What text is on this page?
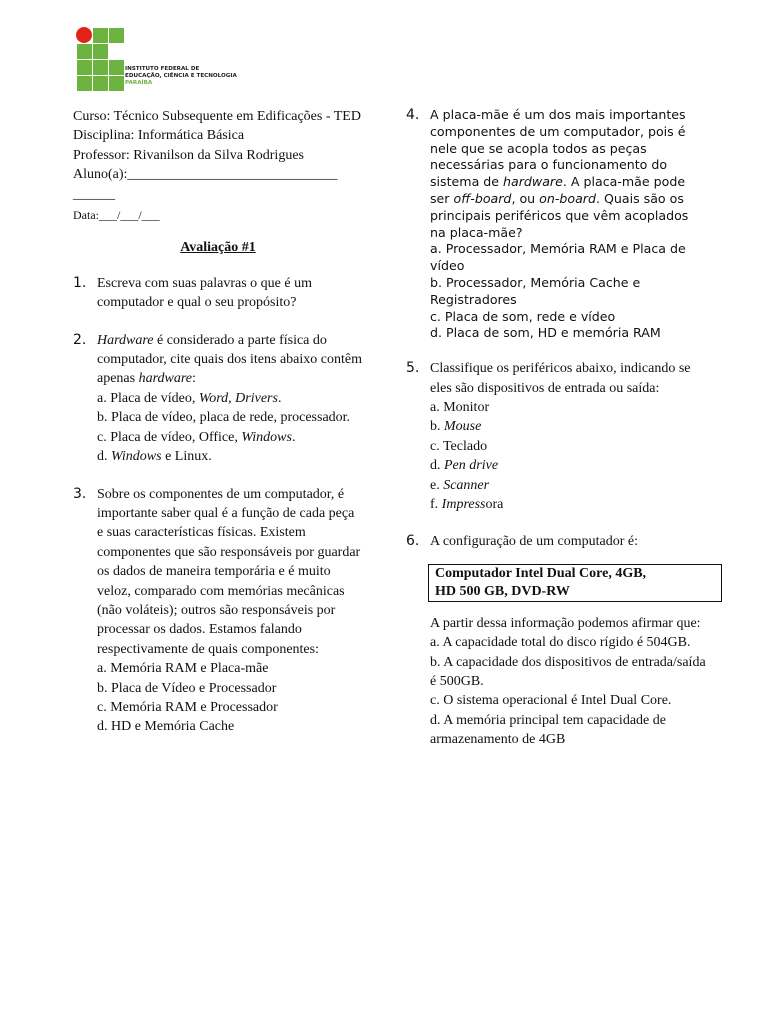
INSTITUTO FEDERAL DE
EDUCAÇÃO, CIÊNCIA E TECNOLOGIA
PARAÍBA
Curso: Técnico Subsequente em Edificações - TED
Disciplina: Informática Básica
Professor: Rivanilson da Silva Rodrigues
Aluno(a):______________________________
______
Data:___/___/___
Avaliação #1
1. Escreva com suas palavras o que é um computador e qual o seu propósito?
2. Hardware é considerado a parte física do computador, cite quais dos itens abaixo contêm apenas hardware:
a. Placa de vídeo, Word, Drivers.
b. Placa de vídeo, placa de rede, processador.
c. Placa de vídeo, Office, Windows.
d. Windows e Linux.
3. Sobre os componentes de um computador, é importante saber qual é a função de cada peça e suas características físicas. Existem componentes que são responsáveis por guardar os dados de maneira temporária e é muito veloz, comparado com memórias mecânicas (não voláteis); outros são responsáveis por processar os dados. Estamos falando respectivamente de quais componentes:
a. Memória RAM e Placa-mãe
b. Placa de Vídeo e Processador
c. Memória RAM e Processador
d. HD e Memória Cache
4. A placa-mãe é um dos mais importantes componentes de um computador, pois é nele que se acopla todos as peças necessárias para o funcionamento do sistema de hardware. A placa-mãe pode ser off-board, ou on-board. Quais são os principais periféricos que vêm acoplados na placa-mãe?
a. Processador, Memória RAM e Placa de vídeo
b. Processador, Memória Cache e Registradores
c. Placa de som, rede e vídeo
d. Placa de som, HD e memória RAM
5. Classifique os periféricos abaixo, indicando se eles são dispositivos de entrada ou saída:
a. Monitor
b. Mouse
c. Teclado
d. Pen drive
e. Scanner
f. Impressora
6. A configuração de um computador é:
Computador Intel Dual Core, 4GB,
HD 500 GB, DVD-RW
A partir dessa informação podemos afirmar que:
a. A capacidade total do disco rígido é 504GB.
b. A capacidade dos dispositivos de entrada/saída é 500GB.
c. O sistema operacional é Intel Dual Core.
d. A memória principal tem capacidade de armazenamento de 4GB
